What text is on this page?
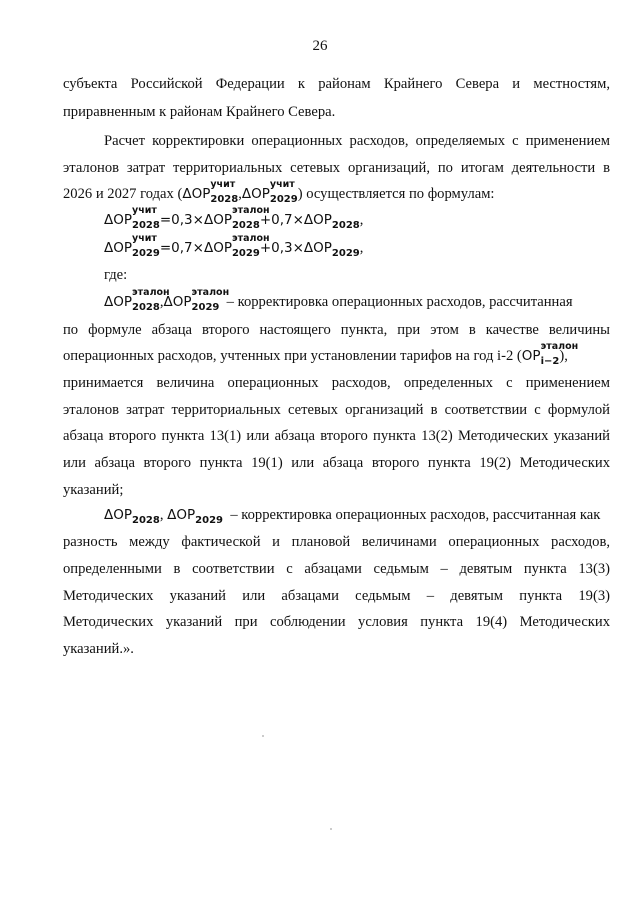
26
субъекта Российской Федерации к районам Крайнего Севера и местностям,
приравненным к районам Крайнего Севера.
Расчет корректировки операционных расходов, определяемых с применением
эталонов затрат территориальных сетевых организаций, по итогам деятельности в
2026 и 2027 годах (ΔОР
учит
$_{2028}$,ΔОР
учит
$_{2029}$) осуществляется по формулам:
ΔОР
учит
$_{2028}$=0,3×ΔОР
эталон
$_{2028}+0,7\times\Delta ОР_{2028}$,
ΔОР
учит
$_{2029}$=0,7×ΔОР
эталон
$_{2029}+0,3\times\Delta ОР_{2029}$,
где:
ΔОР
эталон
$_{2028}$,ΔОР
эталон
$_{2029}$ – корректировка операционных расходов, рассчитанная
по формуле абзаца второго настоящего пункта, при этом в качестве величины
операционных расходов, учтенных при установлении тарифов на год i-2 (ОР
эталон
$_{i-2}$),
принимается величина операционных расходов, определенных с применением
эталонов затрат территориальных сетевых организаций в соответствии с формулой
абзаца второго пункта 13(1) или абзаца второго пункта 13(2) Методических указаний
или абзаца второго пункта 19(1) или абзаца второго пункта 19(2) Методических
указаний;
$\Delta ОР_{2028}$, $\Delta ОР_{2029}$ – корректировка операционных расходов, рассчитанная как
разность между фактической и плановой величинами операционных расходов,
определенными в соответствии с абзацами седьмым – девятым пункта 13(3)
Методических указаний или абзацами седьмым – девятым пункта 19(3)
Методических указаний при соблюдении условия пункта 19(4) Методических
указаний.».
